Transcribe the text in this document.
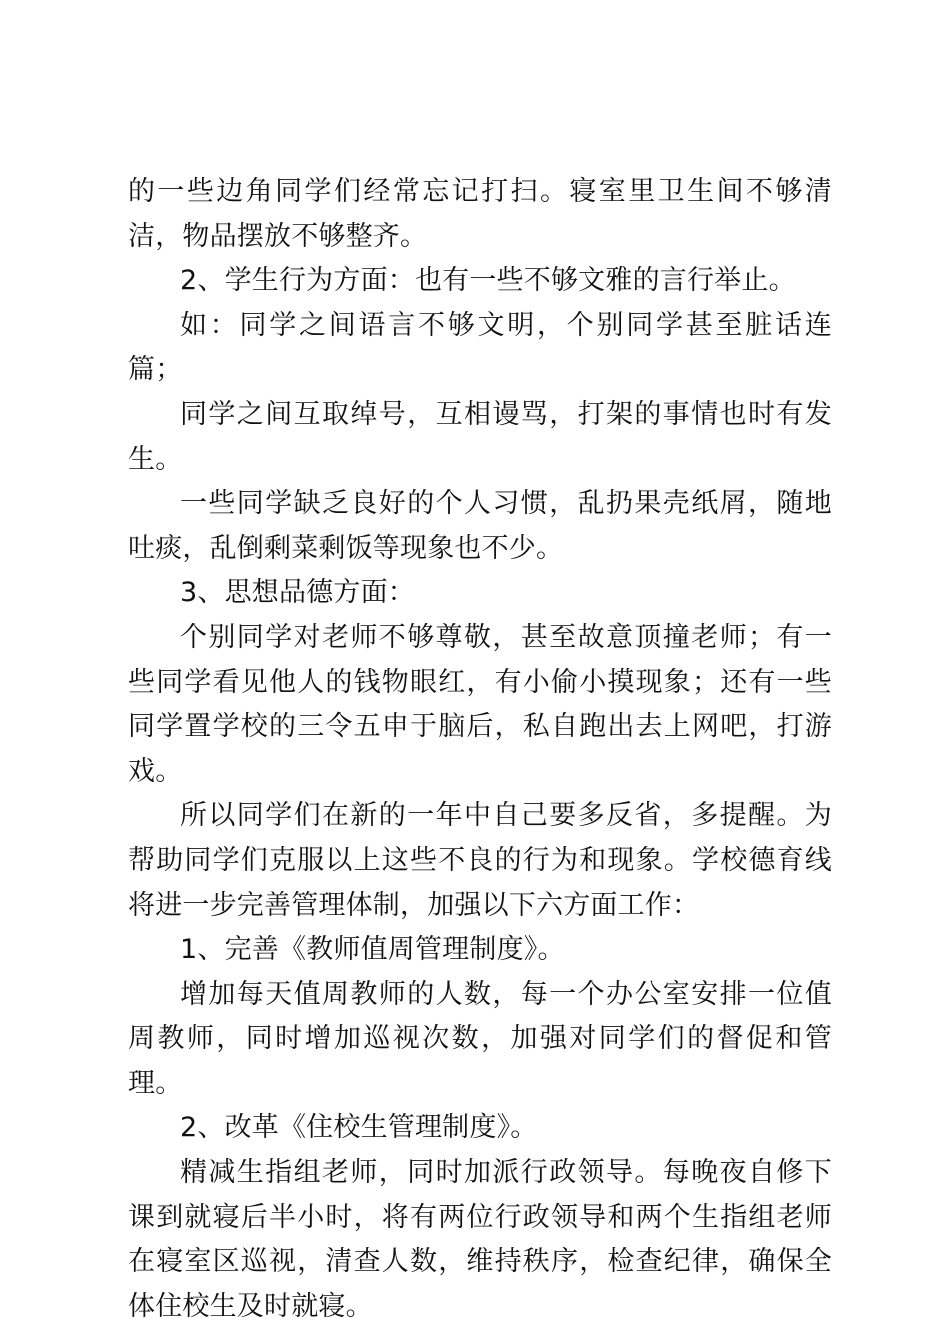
的一些边角同学们经常忘记打扫。寝室里卫生间不够清洁，物品摆放不够整齐。

2、学生行为方面：也有一些不够文雅的言行举止。

如：同学之间语言不够文明，个别同学甚至脏话连篇；

同学之间互取绰号，互相谩骂，打架的事情也时有发生。

一些同学缺乏良好的个人习惯，乱扔果壳纸屑，随地吐痰，乱倒剩菜剩饭等现象也不少。

3、思想品德方面：

个别同学对老师不够尊敬，甚至故意顶撞老师；有一些同学看见他人的钱物眼红，有小偷小摸现象；还有一些同学置学校的三令五申于脑后，私自跑出去上网吧，打游戏。

所以同学们在新的一年中自己要多反省，多提醒。为帮助同学们克服以上这些不良的行为和现象。学校德育线将进一步完善管理体制，加强以下六方面工作：

1、完善《教师值周管理制度》。

增加每天值周教师的人数，每一个办公室安排一位值周教师，同时增加巡视次数，加强对同学们的督促和管理。

2、改革《住校生管理制度》。

精减生指组老师，同时加派行政领导。每晚夜自修下课到就寝后半小时，将有两位行政领导和两个生指组老师在寝室区巡视，清查人数，维持秩序，检查纪律，确保全体住校生及时就寝。
